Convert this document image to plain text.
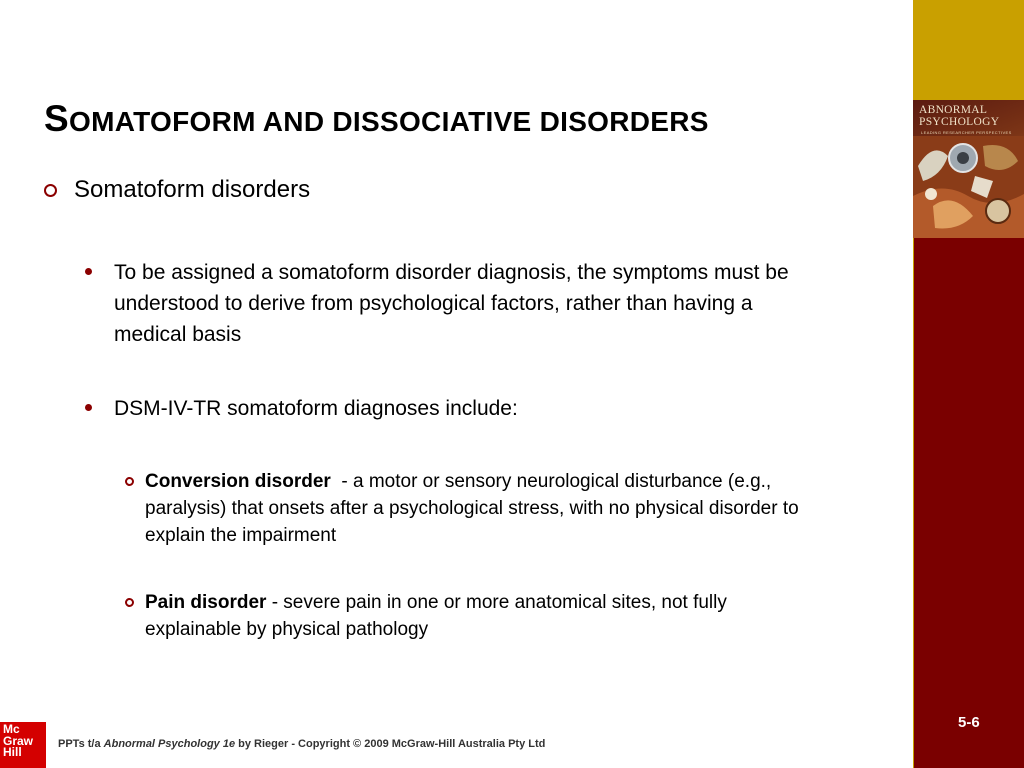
ABNORMAL
PSYCHOLOGY
LEADING RESEARCHER PERSPECTIVES
5-6
SOMATOFORM AND DISSOCIATIVE DISORDERS
Somatoform disorders
To be assigned a somatoform disorder diagnosis, the symptoms must be understood to derive from psychological factors, rather than having a medical basis
DSM-IV-TR somatoform diagnoses include:
Conversion disorder  - a motor or sensory neurological disturbance (e.g., paralysis) that onsets after a psychological stress, with no physical disorder to explain the impairment
Pain disorder - severe pain in one or more anatomical sites, not fully explainable by physical pathology
Mc
Graw
Hill
PPTs t/a Abnormal Psychology 1e by Rieger - Copyright © 2009 McGraw-Hill Australia Pty Ltd
